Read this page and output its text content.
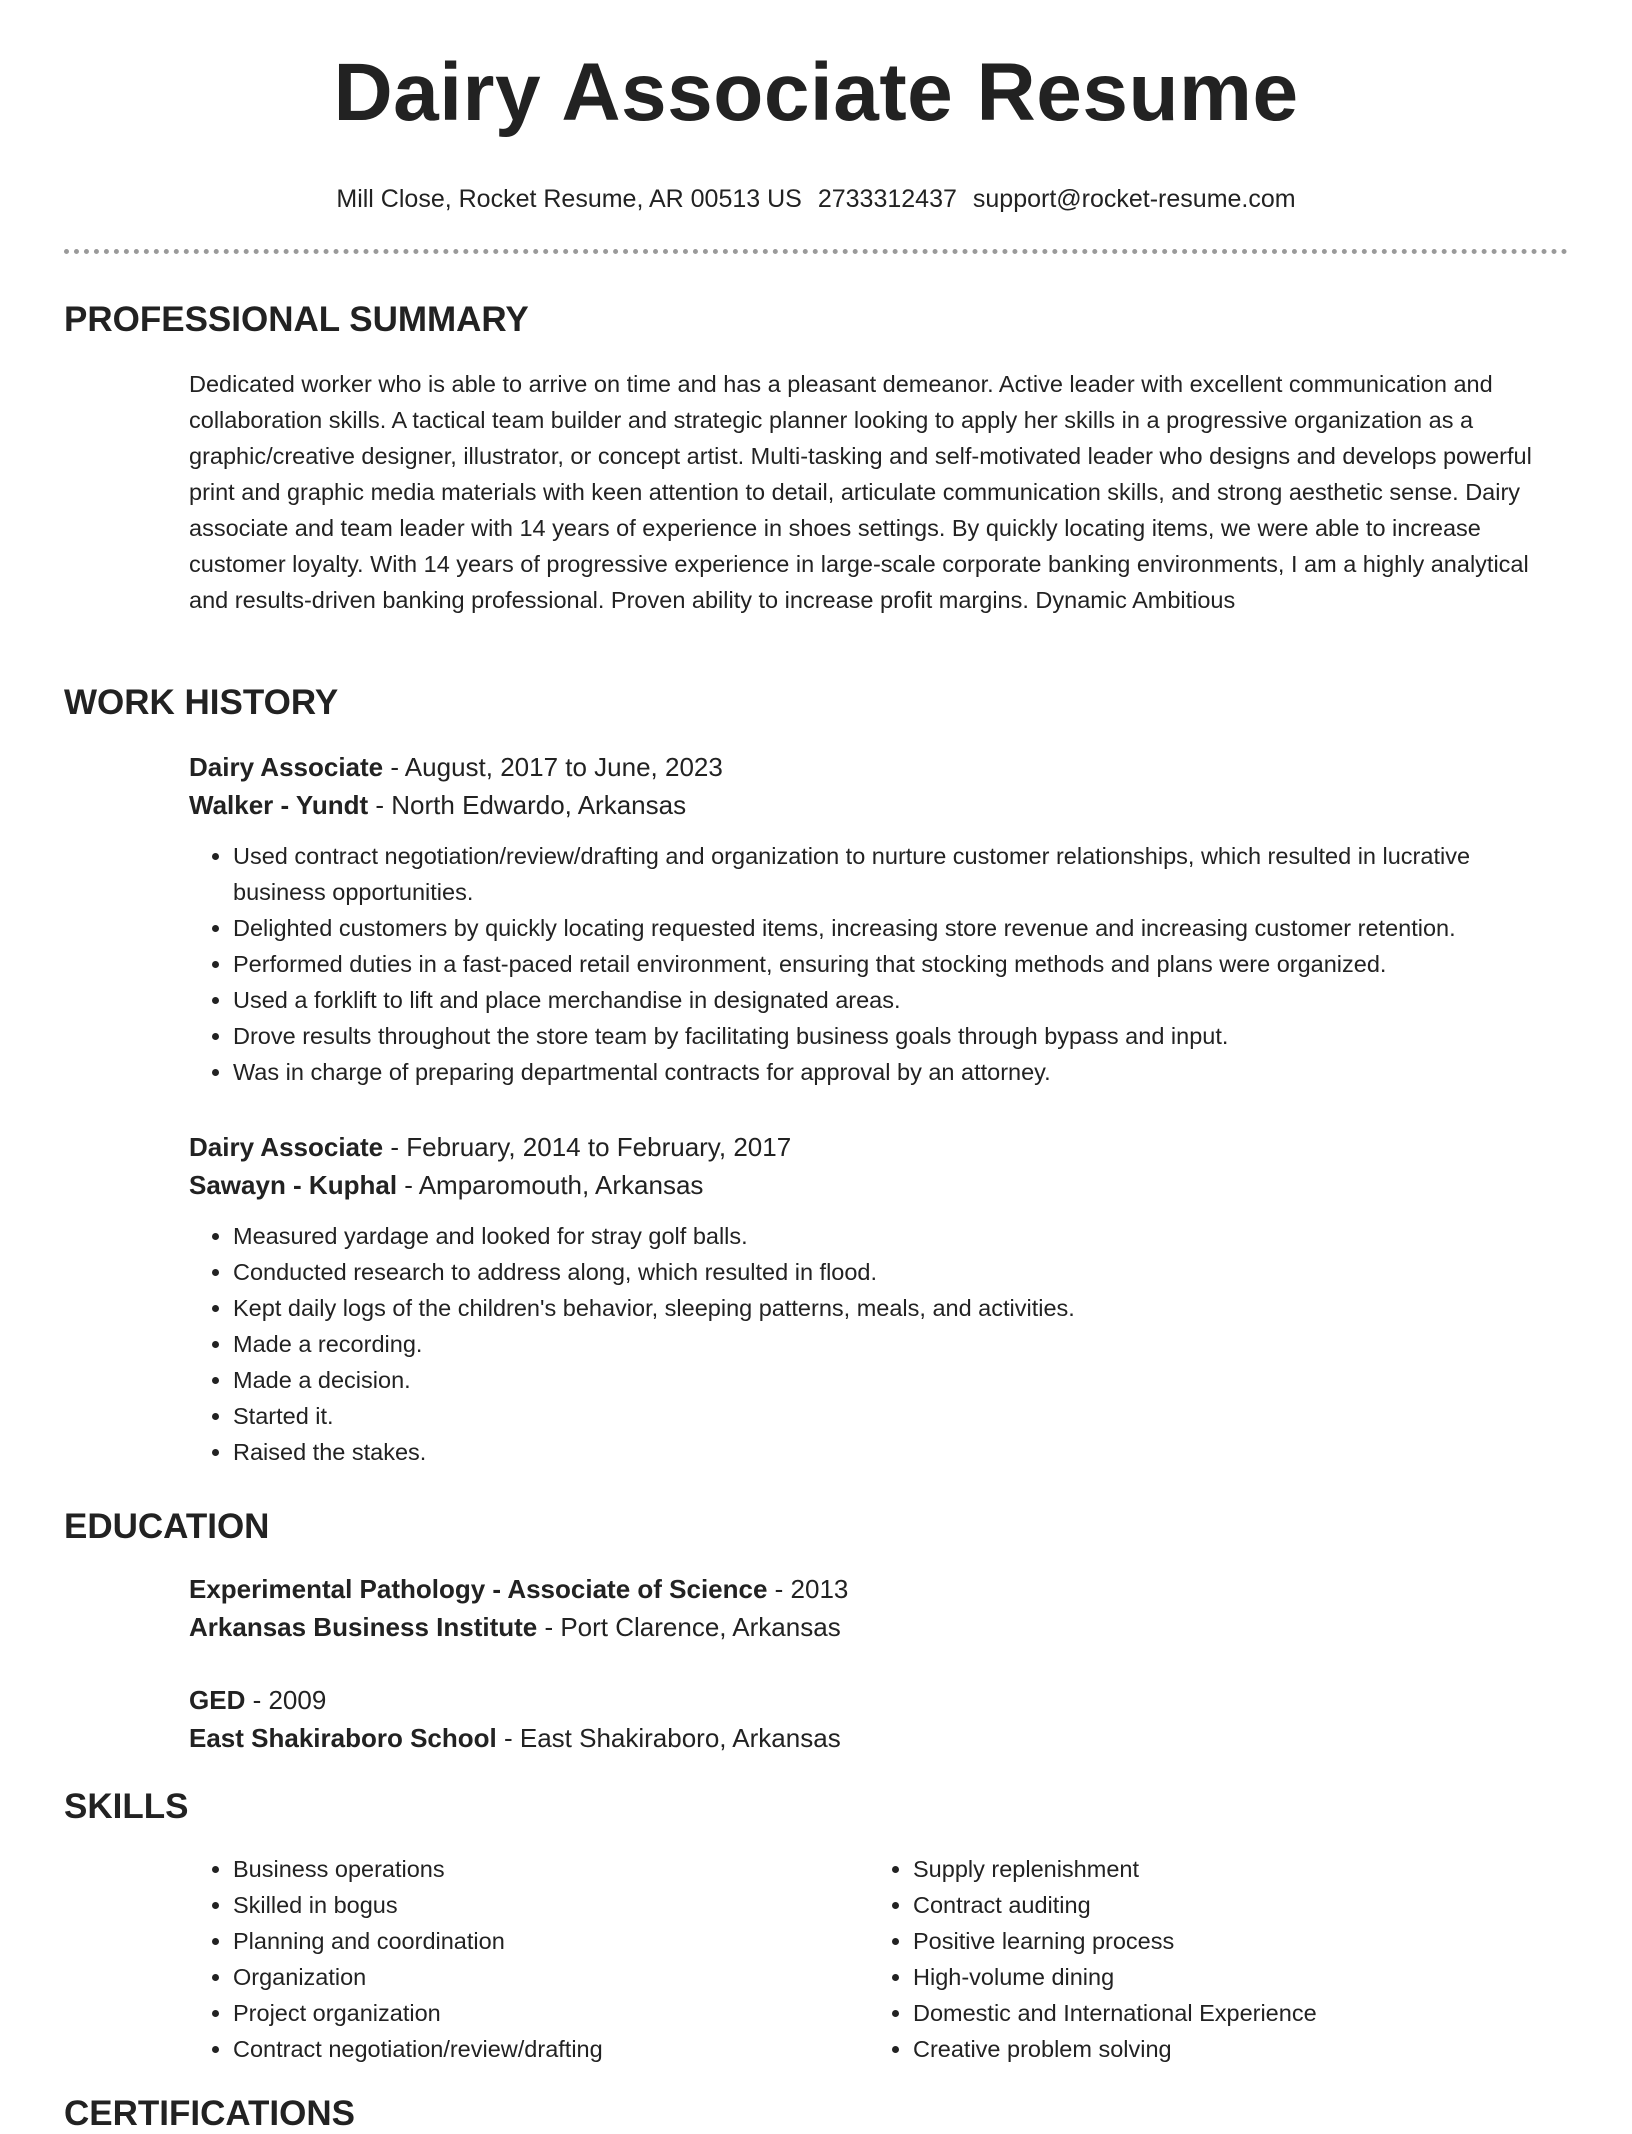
Dairy Associate Resume
Mill Close, Rocket Resume, AR 00513 US 2733312437 support@rocket-resume.com
PROFESSIONAL SUMMARY

Dedicated worker who is able to arrive on time and has a pleasant demeanor. Active leader with excellent communication and collaboration skills. A tactical team builder and strategic planner looking to apply her skills in a progressive organization as a graphic/creative designer, illustrator, or concept artist. Multi-tasking and self-motivated leader who designs and develops powerful print and graphic media materials with keen attention to detail, articulate communication skills, and strong aesthetic sense. Dairy associate and team leader with 14 years of experience in shoes settings. By quickly locating items, we were able to increase customer loyalty. With 14 years of progressive experience in large-scale corporate banking environments, I am a highly analytical and results-driven banking professional. Proven ability to increase profit margins. Dynamic Ambitious

WORK HISTORY

Dairy Associate - August, 2017 to June, 2023

Walker - Yundt - North Edwardo, Arkansas

• Used contract negotiation/review/drafting and organization to nurture customer relationships, which resulted in lucrative business opportunities.
• Delighted customers by quickly locating requested items, increasing store revenue and increasing customer retention.
• Performed duties in a fast-paced retail environment, ensuring that stocking methods and plans were organized.
• Used a forklift to lift and place merchandise in designated areas.
• Drove results throughout the store team by facilitating business goals through bypass and input.
• Was in charge of preparing departmental contracts for approval by an attorney.

Dairy Associate - February, 2014 to February, 2017

Sawayn - Kuphal - Amparomouth, Arkansas

• Measured yardage and looked for stray golf balls.
• Conducted research to address along, which resulted in flood.
• Kept daily logs of the children's behavior, sleeping patterns, meals, and activities.
• Made a recording.
• Made a decision.
• Started it.
• Raised the stakes.
EDUCATION

Experimental Pathology - Associate of Science - 2013

Arkansas Business Institute - Port Clarence, Arkansas

GED - 2009

East Shakiraboro School - East Shakiraboro, Arkansas

SKILLS
• Business operations
• Skilled in bogus
• Planning and coordination
• Organization
• Project organization
• Contract negotiation/review/drafting
• Supply replenishment
• Contract auditing
• Positive learning process
• High-volume dining
• Domestic and International Experience
• Creative problem solving
CERTIFICATIONS
